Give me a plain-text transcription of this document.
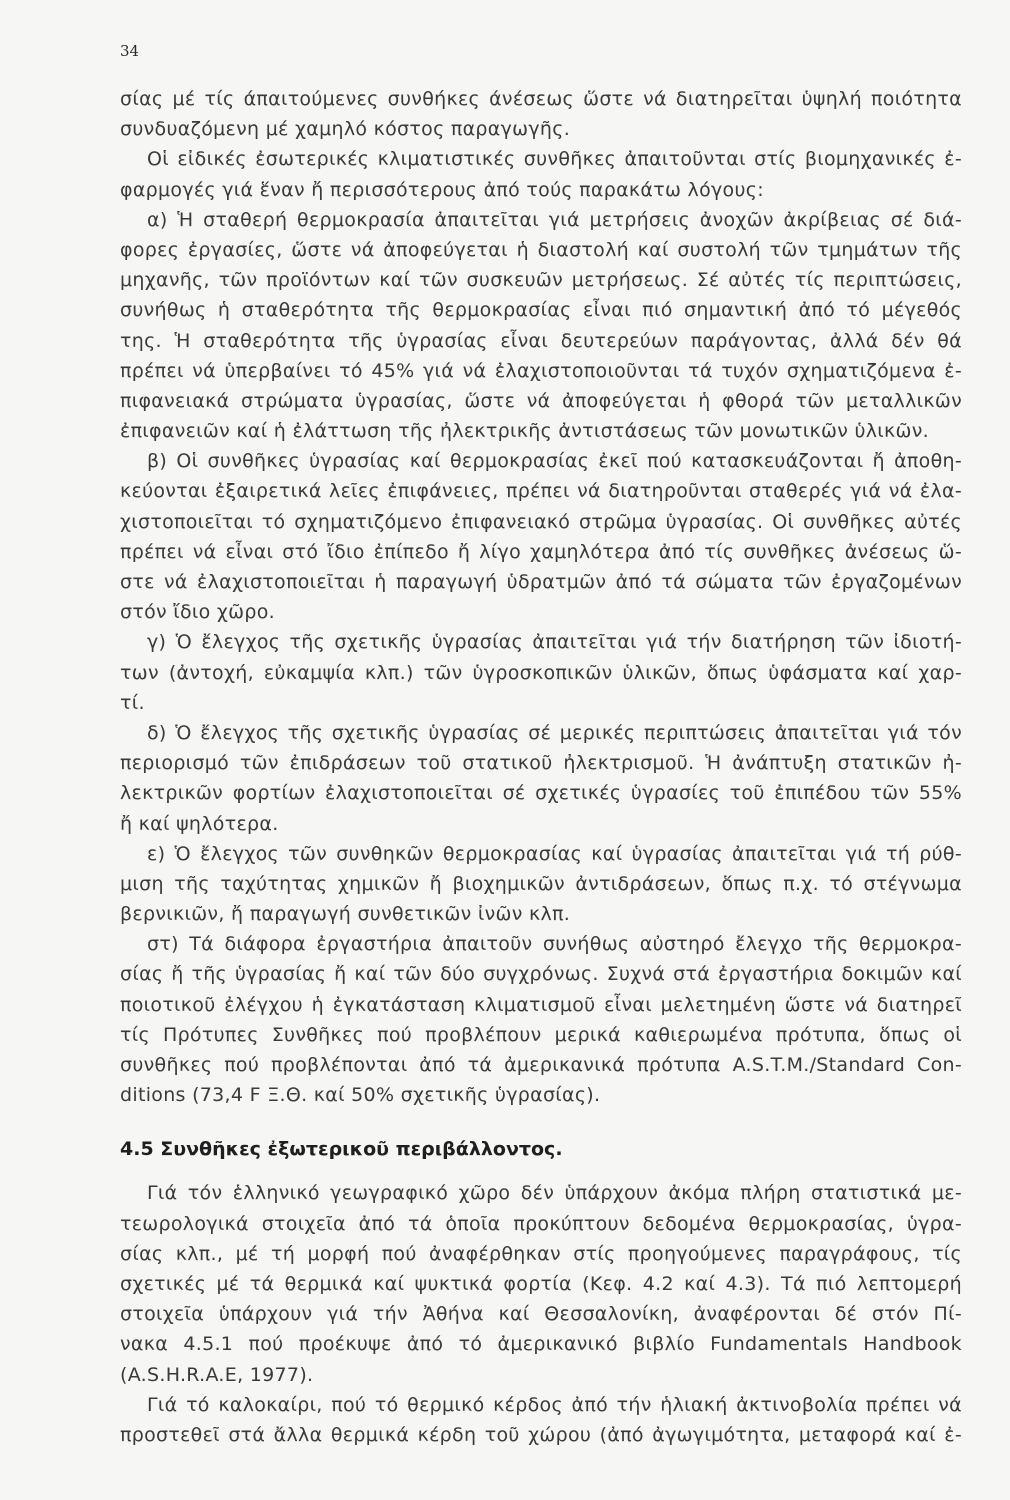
34
σίας μέ τίς άπαιτούμενες συνθήκες άνέσεως ὥστε νά διατηρεῖται ὑψηλή ποιότητα
συνδυαζόμενη μέ χαμηλό κόστος παραγωγῆς.
Οἱ εἰδικές ἐσωτερικές κλιματιστικές συνθῆκες ἀπαιτοῦνται στίς βιομηχανικές ἐ-
φαρμογές γιά ἕναν ἤ περισσότερους ἀπό τούς παρακάτω λόγους:
α) Ἡ σταθερή θερμοκρασία ἀπαιτεῖται γιά μετρήσεις ἀνοχῶν ἀκρίβειας σέ διά-
φορες ἐργασίες, ὥστε νά ἀποφεύγεται ἡ διαστολή καί συστολή τῶν τμημάτων τῆς
μηχανῆς, τῶν προϊόντων καί τῶν συσκευῶν μετρήσεως. Σέ αὐτές τίς περιπτώσεις,
συνήθως ἡ σταθερότητα τῆς θερμοκρασίας εἶναι πιό σημαντική ἀπό τό μέγεθός
της. Ἡ σταθερότητα τῆς ὑγρασίας εἶναι δευτερεύων παράγοντας, ἀλλά δέν θά
πρέπει νά ὑπερβαίνει τό 45% γιά νά ἐλαχιστοποιοῦνται τά τυχόν σχηματιζόμενα ἐ-
πιφανειακά στρώματα ὑγρασίας, ὥστε νά ἀποφεύγεται ἡ φθορά τῶν μεταλλικῶν
ἐπιφανειῶν καί ἡ ἐλάττωση τῆς ἠλεκτρικῆς ἀντιστάσεως τῶν μονωτικῶν ὑλικῶν.
β) Οἱ συνθῆκες ὑγρασίας καί θερμοκρασίας ἐκεῖ πού κατασκευάζονται ἤ ἀποθη-
κεύονται ἐξαιρετικά λεῖες ἐπιφάνειες, πρέπει νά διατηροῦνται σταθερές γιά νά ἐλα-
χιστοποιεῖται τό σχηματιζόμενο ἐπιφανειακό στρῶμα ὑγρασίας. Οἱ συνθῆκες αὐτές
πρέπει νά εἶναι στό ἴδιο ἐπίπεδο ἤ λίγο χαμηλότερα ἀπό τίς συνθῆκες ἀνέσεως ὥ-
στε νά ἐλαχιστοποιεῖται ἡ παραγωγή ὑδρατμῶν ἀπό τά σώματα τῶν ἐργαζομένων
στόν ἴδιο χῶρο.
γ) Ὁ ἔλεγχος τῆς σχετικῆς ὑγρασίας ἀπαιτεῖται γιά τήν διατήρηση τῶν ἰδιοτή-
των (ἀντοχή, εὐκαμψία κλπ.) τῶν ὑγροσκοπικῶν ὑλικῶν, ὅπως ὑφάσματα καί χαρ-
τί.
δ) Ὁ ἔλεγχος τῆς σχετικῆς ὑγρασίας σέ μερικές περιπτώσεις ἀπαιτεῖται γιά τόν
περιορισμό τῶν ἐπιδράσεων τοῦ στατικοῦ ἠλεκτρισμοῦ. Ἡ ἀνάπτυξη στατικῶν ἠ-
λεκτρικῶν φορτίων ἐλαχιστοποιεῖται σέ σχετικές ὑγρασίες τοῦ ἐπιπέδου τῶν 55%
ἤ καί ψηλότερα.
ε) Ὁ ἔλεγχος τῶν συνθηκῶν θερμοκρασίας καί ὑγρασίας ἀπαιτεῖται γιά τή ρύθ-
μιση τῆς ταχύτητας χημικῶν ἤ βιοχημικῶν ἀντιδράσεων, ὅπως π.χ. τό στέγνωμα
βερνικιῶν, ἤ παραγωγή συνθετικῶν ἰνῶν κλπ.
στ) Τά διάφορα ἐργαστήρια ἀπαιτοῦν συνήθως αὐστηρό ἔλεγχο τῆς θερμοκρα-
σίας ἤ τῆς ὑγρασίας ἤ καί τῶν δύο συγχρόνως. Συχνά στά ἐργαστήρια δοκιμῶν καί
ποιοτικοῦ ἐλέγχου ἡ ἐγκατάσταση κλιματισμοῦ εἶναι μελετημένη ὥστε νά διατηρεῖ
τίς Πρότυπες Συνθῆκες πού προβλέπουν μερικά καθιερωμένα πρότυπα, ὅπως οἱ
συνθῆκες πού προβλέπονται ἀπό τά ἀμερικανικά πρότυπα A.S.T.M./Standard Con-
ditions (73,4 F Ξ.Θ. καί 50% σχετικῆς ὑγρασίας).
4.5 Συνθῆκες ἐξωτερικοῦ περιβάλλοντος.
Γιά τόν ἑλληνικό γεωγραφικό χῶρο δέν ὑπάρχουν ἀκόμα πλήρη στατιστικά με-
τεωρολογικά στοιχεῖα ἀπό τά ὁποῖα προκύπτουν δεδομένα θερμοκρασίας, ὑγρα-
σίας κλπ., μέ τή μορφή πού ἀναφέρθηκαν στίς προηγούμενες παραγράφους, τίς
σχετικές μέ τά θερμικά καί ψυκτικά φορτία (Κεφ. 4.2 καί 4.3). Τά πιό λεπτομερή
στοιχεῖα ὑπάρχουν γιά τήν Ἀθήνα καί Θεσσαλονίκη, ἀναφέρονται δέ στόν Πί-
νακα 4.5.1 πού προέκυψε ἀπό τό ἀμερικανικό βιβλίο Fundamentals Handbook
(A.S.H.R.A.E, 1977).
Γιά τό καλοκαίρι, πού τό θερμικό κέρδος ἀπό τήν ἡλιακή ἀκτινοβολία πρέπει νά
προστεθεῖ στά ἄλλα θερμικά κέρδη τοῦ χώρου (ἀπό ἀγωγιμότητα, μεταφορά καί ἐ-
